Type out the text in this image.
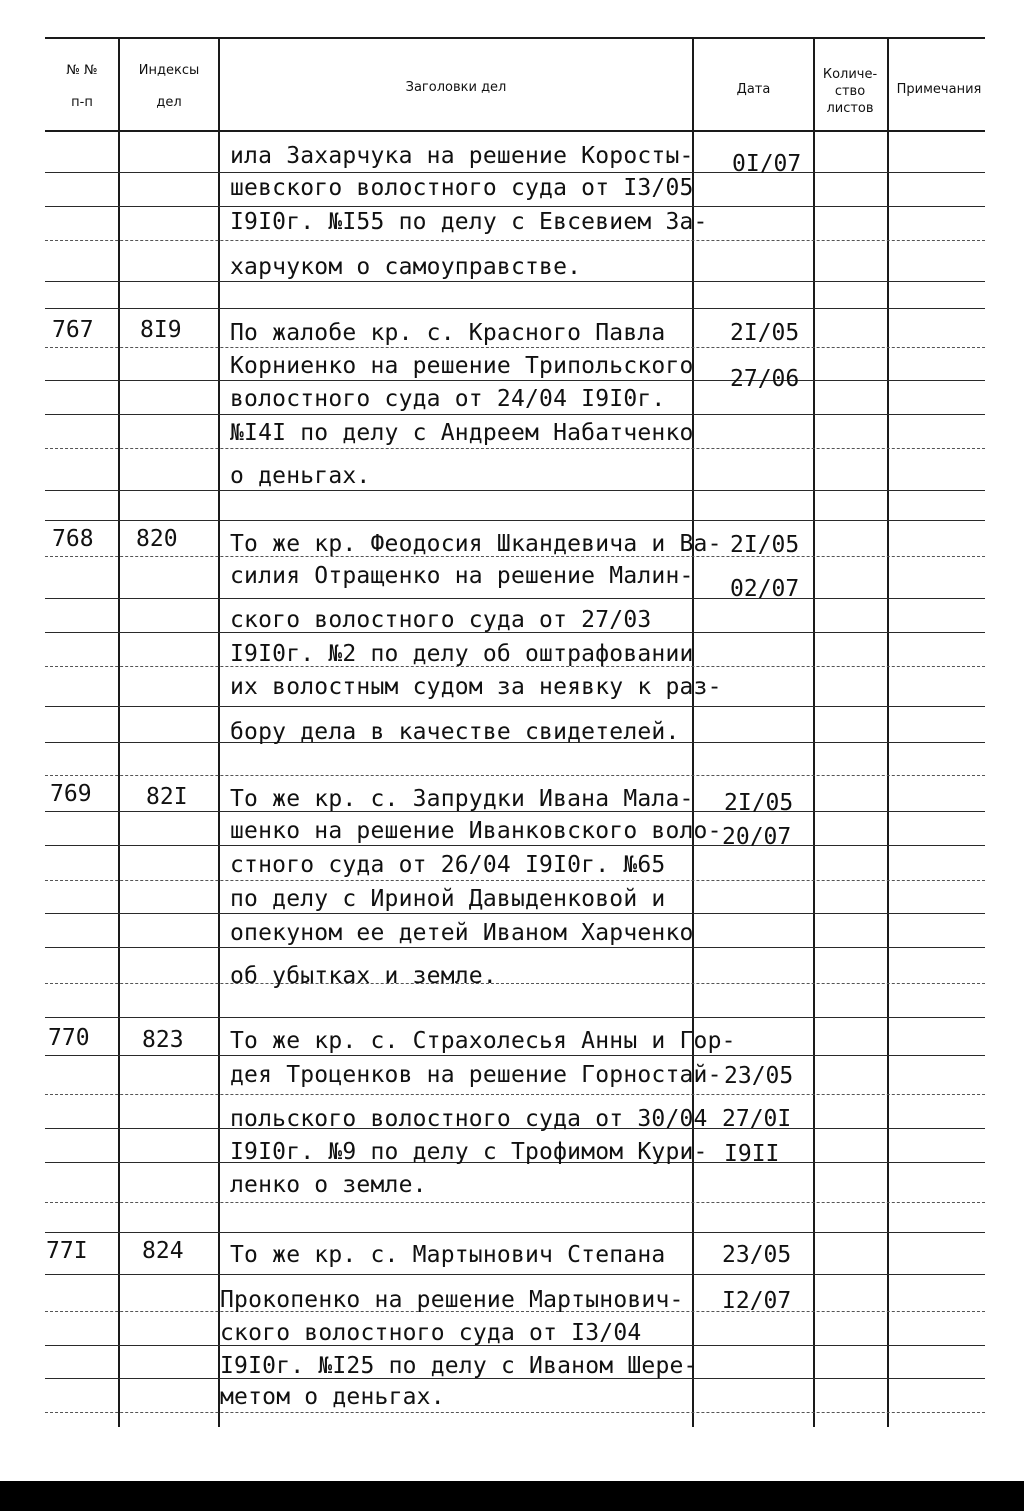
№ №
п-п
Индексы
дел
Заголовки дел	Дата
Количе-
ство
листов
Примечания
ила Захарчука на решение Коросты-
шевского волостного суда от I3/05
I9I0г. №I55 по делу с Евсевием За-
харчуком о самоуправстве.
0I/07
767 8I9 По жалобе кр. с. Красного Павла
Корниенко на решение Трипольского
волостного суда от 24/04 I9I0г.
№I4I по делу с Андреем Набатченко
о деньгах.
2I/05
27/06
768 820 То же кр. Феодосия Шкандевича и Ва-
силия Отращенко на решение Малин-
ского волостного суда от 27/03
I9I0г. №2 по делу об оштрафовании
их волостным судом за неявку к раз-
бору дела в качестве свидетелей.
2I/05
02/07
769 82I То же кр. с. Запрудки Ивана Мала-
шенко на решение Иванковского воло-
стного суда от 26/04 I9I0г. №65
по делу с Ириной Давыденковой и
опекуном ее детей Иваном Харченко
об убытках и земле.
2I/05
20/07
770 823 То же кр. с. Страхолесья Анны и Гор-
дея Троценков на решение Горностай-
польского волостного суда от 30/04
I9I0г. №9 по делу с Трофимом Кури-
ленко о земле.
23/05
27/0I
I9II
77I 824 То же кр. с. Мартынович Степана
Прокопенко на решение Мартынович-
ского волостного суда от I3/04
I9I0г. №I25 по делу с Иваном Шере-
метом о деньгах.
23/05
I2/07
